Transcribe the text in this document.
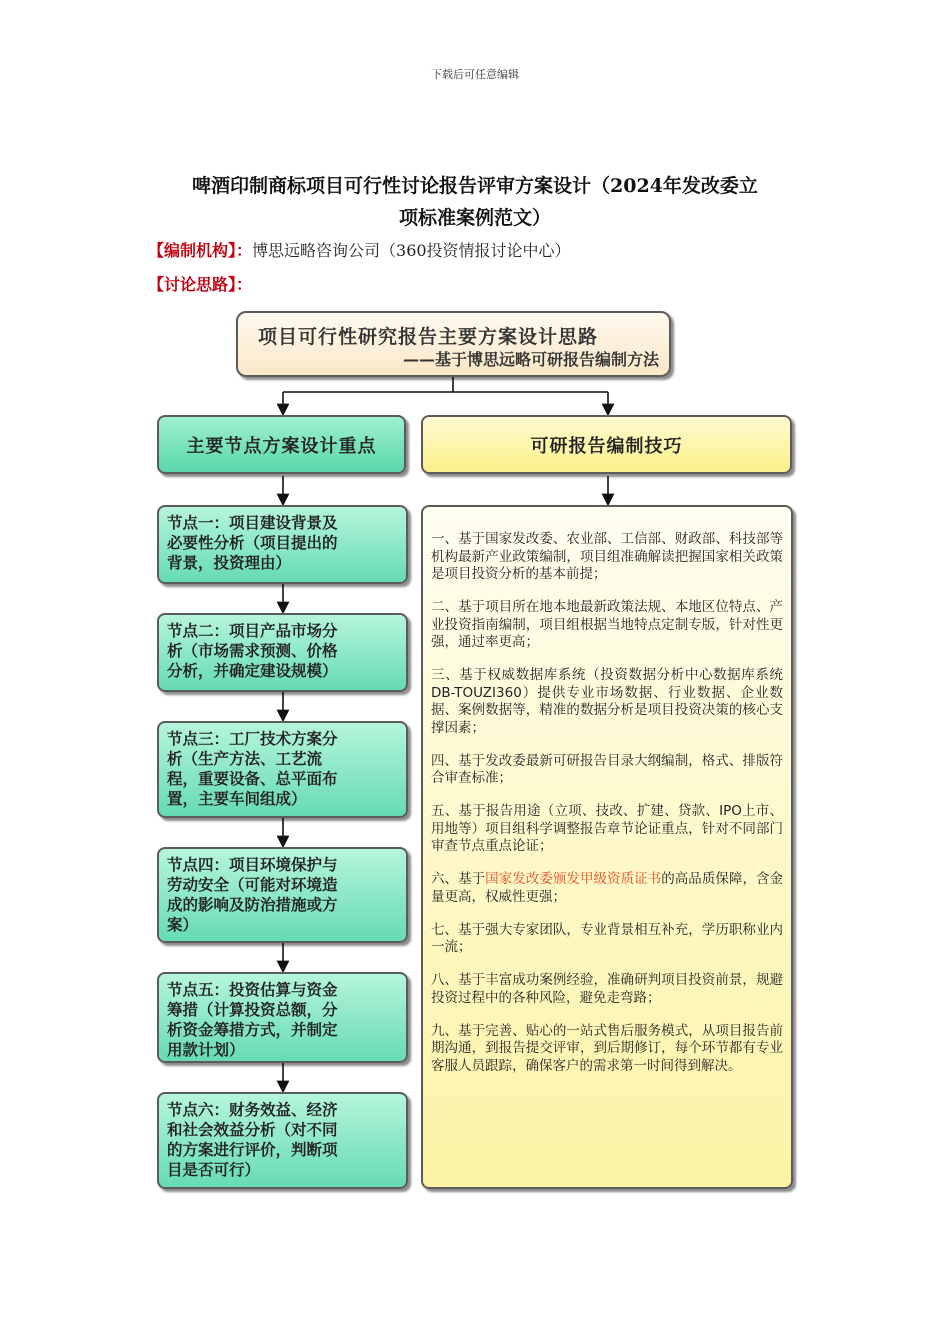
下载后可任意编辑
啤酒印制商标项目可行性讨论报告评审方案设计（2024年发改委立
项标准案例范文）
【编制机构】：博思远略咨询公司（360投资情报讨论中心）
【讨论思路】：
项目可行性研究报告主要方案设计思路
——基于博思远略可研报告编制方法
主要节点方案设计重点	可研报告编制技巧
节点一：项目建设背景及
必要性分析（项目提出的
背景，投资理由）
节点二：项目产品市场分
析（市场需求预测、价格
分析，并确定建设规模）
节点三：工厂技术方案分
析（生产方法、工艺流
程，重要设备、总平面布
置，主要车间组成）
节点四：项目环境保护与
劳动安全（可能对环境造
成的影响及防治措施或方
案）
节点五：投资估算与资金
筹措（计算投资总额，分
析资金筹措方式，并制定
用款计划）
节点六：财务效益、经济
和社会效益分析（对不同
的方案进行评价，判断项
目是否可行）

一、基于国家发改委、农业部、工信部、财政部、科技部等机构最新产业政策编制，项目组准确解读把握国家相关政策是项目投资分析的基本前提；

二、基于项目所在地本地最新政策法规、本地区位特点、产业投资指南编制，项目组根据当地特点定制专版，针对性更强，通过率更高；

三、基于权威数据库系统（投资数据分析中心数据库系统DB-TOUZI360）提供专业市场数据、行业数据、企业数据、案例数据等，精准的数据分析是项目投资决策的核心支撑因素；

四、基于发改委最新可研报告目录大纲编制，格式、排版符合审查标准；

五、基于报告用途（立项、技改、扩建、贷款、IPO上市、用地等）项目组科学调整报告章节论证重点，针对不同部门审查节点重点论证；

六、基于国家发改委颁发甲级资质证书的高品质保障，含金量更高，权威性更强；

七、基于强大专家团队，专业背景相互补充，学历职称业内一流；

八、基于丰富成功案例经验，准确研判项目投资前景，规避投资过程中的各种风险，避免走弯路；

九、基于完善、贴心的一站式售后服务模式，从项目报告前期沟通，到报告提交评审，到后期修订，每个环节都有专业客服人员跟踪，确保客户的需求第一时间得到解决。
